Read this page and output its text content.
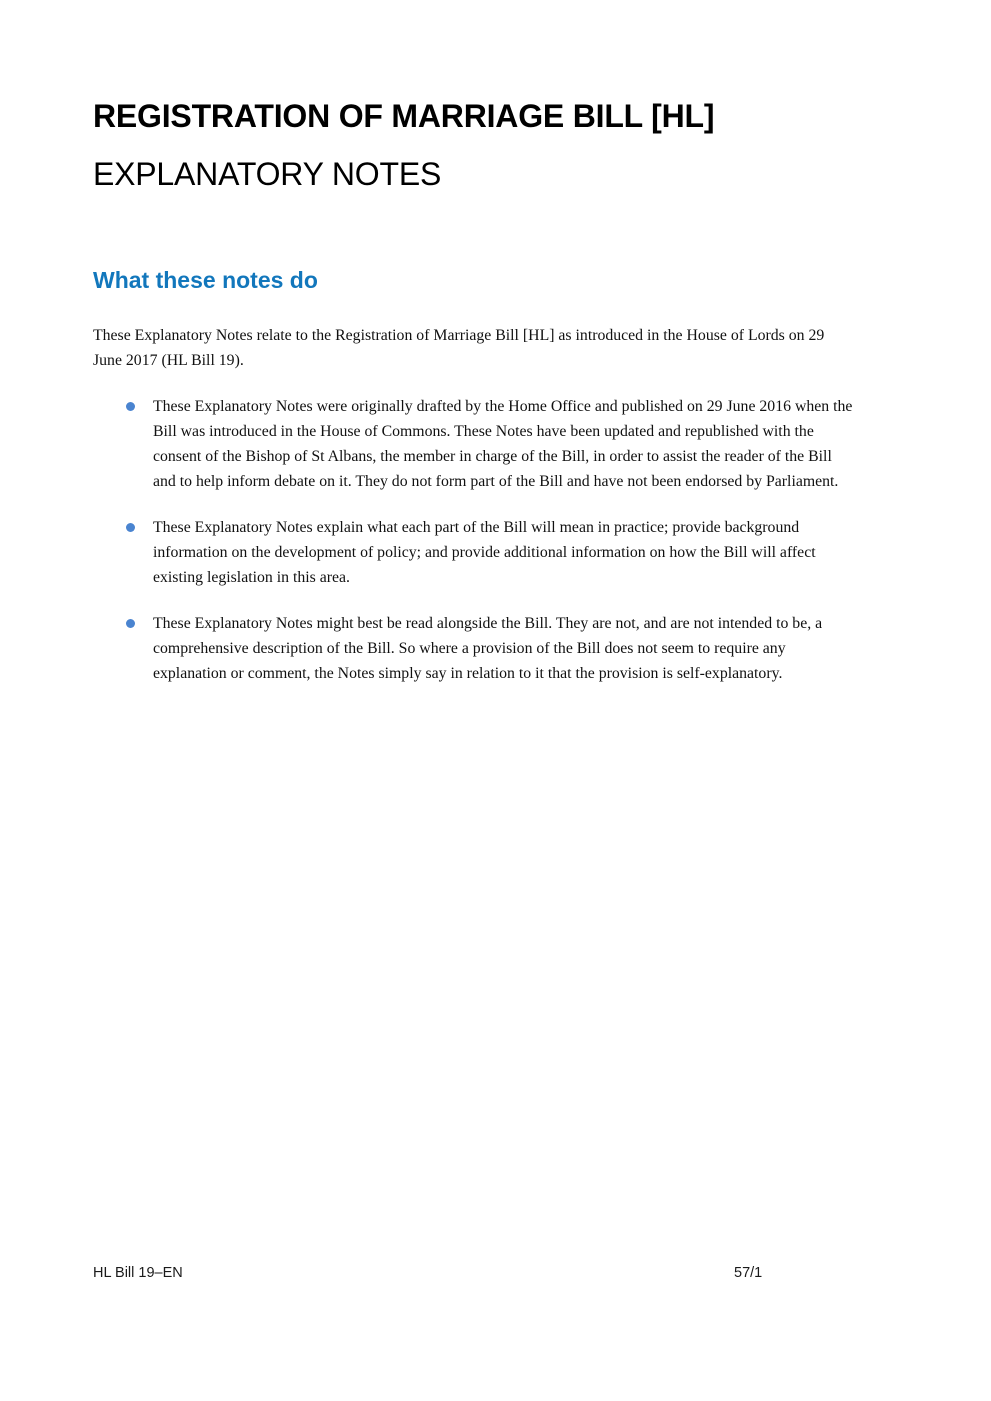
REGISTRATION OF MARRIAGE BILL [HL]
EXPLANATORY NOTES
What these notes do

These Explanatory Notes relate to the Registration of Marriage Bill [HL] as introduced in the House of Lords on 29 June 2017 (HL Bill 19).

These Explanatory Notes were originally drafted by the Home Office and published on 29 June 2016 when the Bill was introduced in the House of Commons. These Notes have been updated and republished with the consent of the Bishop of St Albans, the member in charge of the Bill, in order to assist the reader of the Bill and to help inform debate on it. They do not form part of the Bill and have not been endorsed by Parliament.
These Explanatory Notes explain what each part of the Bill will mean in practice; provide background information on the development of policy; and provide additional information on how the Bill will affect existing legislation in this area.
These Explanatory Notes might best be read alongside the Bill. They are not, and are not intended to be, a comprehensive description of the Bill. So where a provision of the Bill does not seem to require any explanation or comment, the Notes simply say in relation to it that the provision is self-explanatory.
HL Bill 19–EN	57/1
